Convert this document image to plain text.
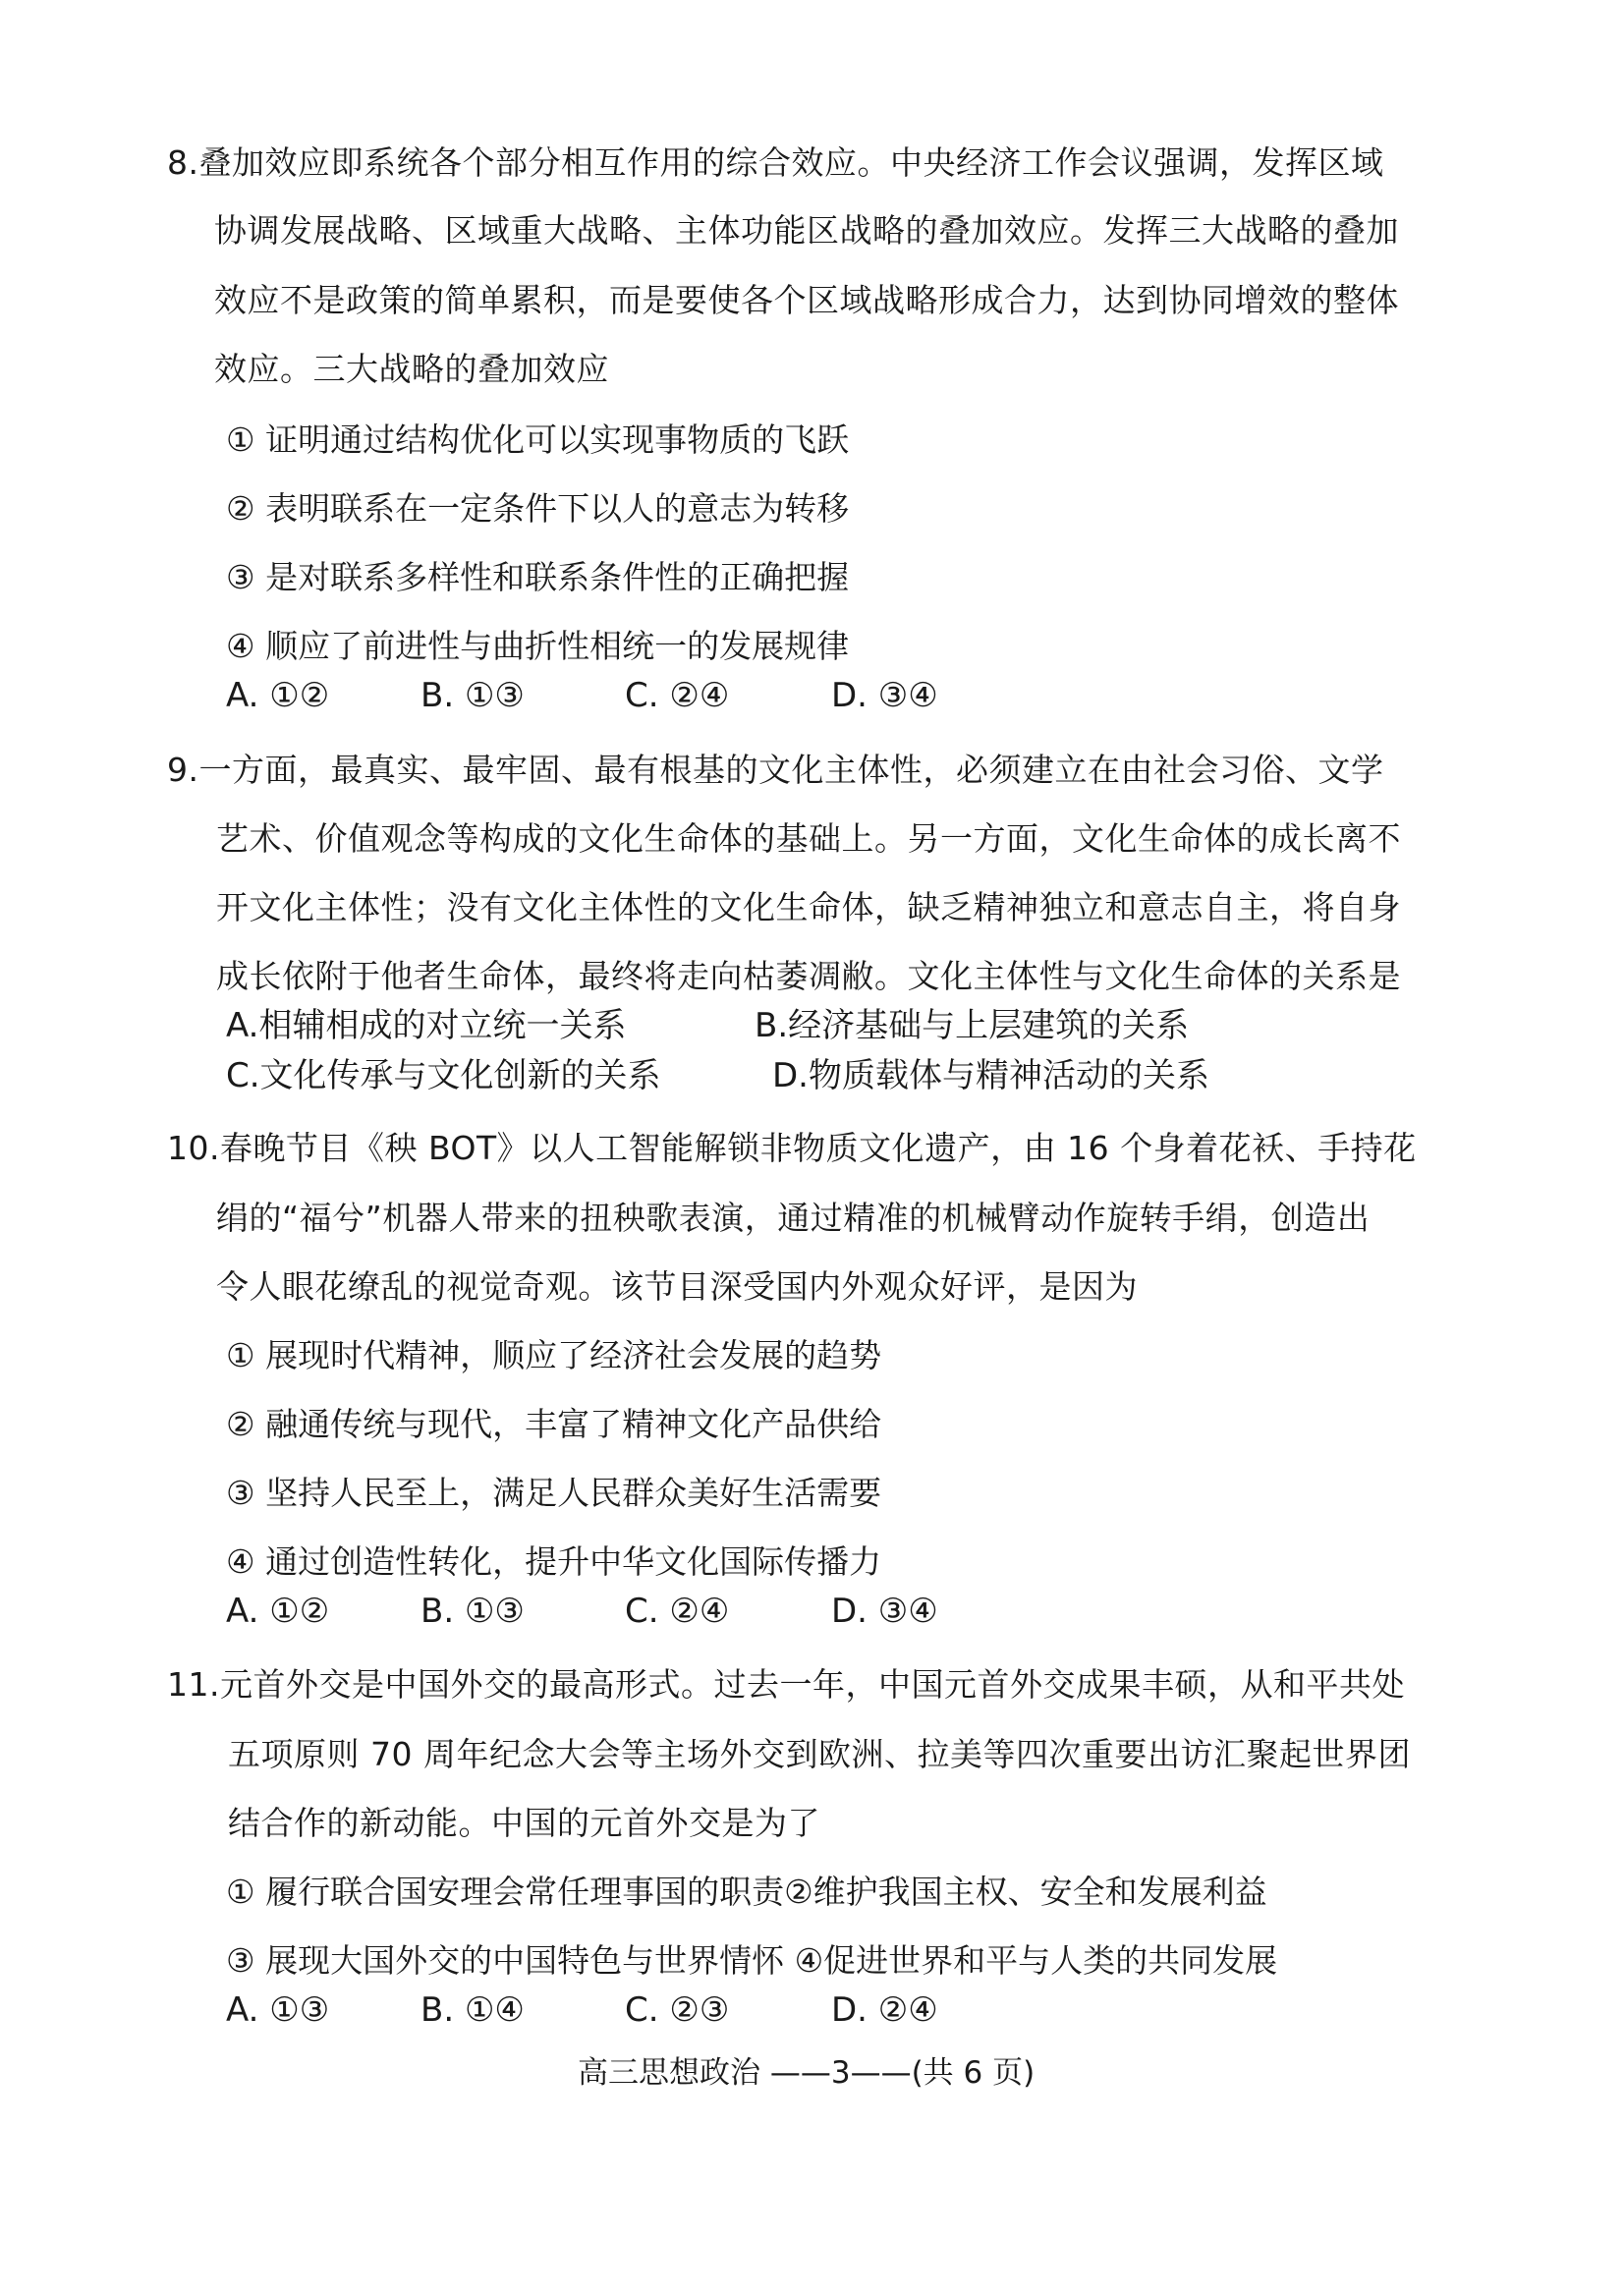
8.叠加效应即系统各个部分相互作用的综合效应。中央经济工作会议强调，发挥区域
协调发展战略、区域重大战略、主体功能区战略的叠加效应。发挥三大战略的叠加
效应不是政策的简单累积，而是要使各个区域战略形成合力，达到协同增效的整体
效应。三大战略的叠加效应
① 证明通过结构优化可以实现事物质的飞跃
② 表明联系在一定条件下以人的意志为转移
③ 是对联系多样性和联系条件性的正确把握
④ 顺应了前进性与曲折性相统一的发展规律
A. ①②	B. ①③	C. ②④	D. ③④
9.一方面，最真实、最牢固、最有根基的文化主体性，必须建立在由社会习俗、文学
艺术、价值观念等构成的文化生命体的基础上。另一方面，文化生命体的成长离不
开文化主体性；没有文化主体性的文化生命体，缺乏精神独立和意志自主，将自身
成长依附于他者生命体，最终将走向枯萎凋敝。文化主体性与文化生命体的关系是
A.相辅相成的对立统一关系	B.经济基础与上层建筑的关系
C.文化传承与文化创新的关系	D.物质载体与精神活动的关系
10.春晚节目《秧 BOT》以人工智能解锁非物质文化遗产，由 16 个身着花袄、手持花
绢的“福兮”机器人带来的扭秧歌表演，通过精准的机械臂动作旋转手绢，创造出
令人眼花缭乱的视觉奇观。该节目深受国内外观众好评，是因为
① 展现时代精神，顺应了经济社会发展的趋势
② 融通传统与现代，丰富了精神文化产品供给
③ 坚持人民至上，满足人民群众美好生活需要
④ 通过创造性转化，提升中华文化国际传播力
A. ①②	B. ①③	C. ②④	D. ③④
11.元首外交是中国外交的最高形式。过去一年，中国元首外交成果丰硕，从和平共处
五项原则 70 周年纪念大会等主场外交到欧洲、拉美等四次重要出访汇聚起世界团
结合作的新动能。中国的元首外交是为了
① 履行联合国安理会常任理事国的职责②维护我国主权、安全和发展利益
③ 展现大国外交的中国特色与世界情怀 ④促进世界和平与人类的共同发展
A. ①③	B. ①④	C. ②③	D. ②④
高三思想政治 ——3——(共 6 页)
